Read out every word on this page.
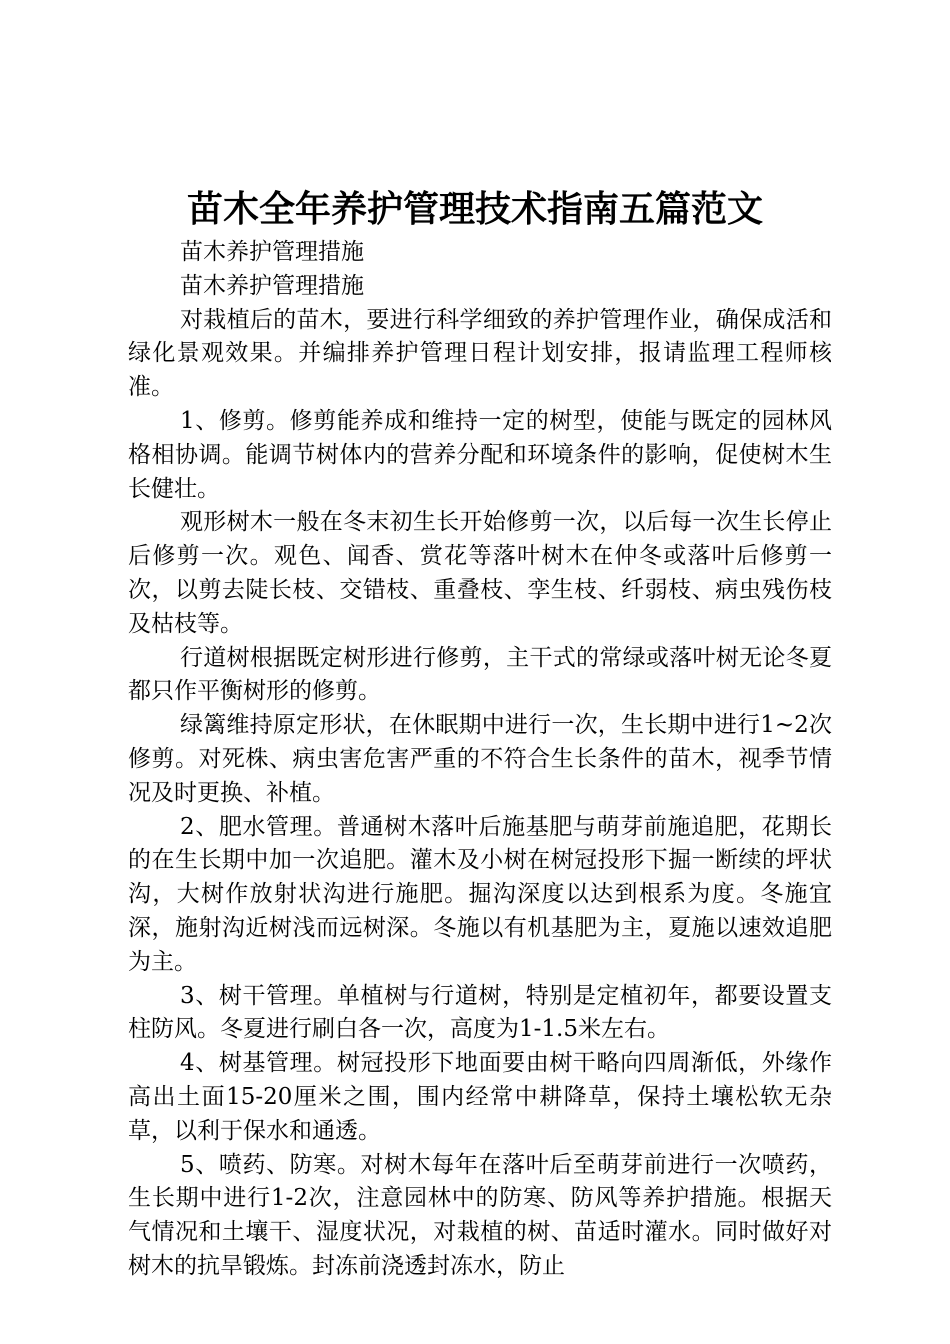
苗木全年养护管理技术指南五篇范文

苗木养护管理措施

苗木养护管理措施

对栽植后的苗木，要进行科学细致的养护管理作业，确保成活和绿化景观效果。并编排养护管理日程计划安排，报请监理工程师核准。

1、修剪。修剪能养成和维持一定的树型，使能与既定的园林风格相协调。能调节树体内的营养分配和环境条件的影响，促使树木生长健壮。

观形树木一般在冬末初生长开始修剪一次，以后每一次生长停止后修剪一次。观色、闻香、赏花等落叶树木在仲冬或落叶后修剪一次，以剪去陡长枝、交错枝、重叠枝、孪生枝、纤弱枝、病虫残伤枝及枯枝等。

行道树根据既定树形进行修剪，主干式的常绿或落叶树无论冬夏都只作平衡树形的修剪。

绿篱维持原定形状，在休眠期中进行一次，生长期中进行1~2次修剪。对死株、病虫害危害严重的不符合生长条件的苗木，视季节情况及时更换、补植。

2、肥水管理。普通树木落叶后施基肥与萌芽前施追肥，花期长的在生长期中加一次追肥。灌木及小树在树冠投形下掘一断续的坪状沟，大树作放射状沟进行施肥。掘沟深度以达到根系为度。冬施宜深，施射沟近树浅而远树深。冬施以有机基肥为主，夏施以速效追肥为主。

3、树干管理。单植树与行道树，特别是定植初年，都要设置支柱防风。冬夏进行刷白各一次，高度为1-1.5米左右。

4、树基管理。树冠投形下地面要由树干略向四周渐低，外缘作高出土面15-20厘米之围，围内经常中耕降草，保持土壤松软无杂草，以利于保水和通透。

5、喷药、防寒。对树木每年在落叶后至萌芽前进行一次喷药，生长期中进行1-2次，注意园林中的防寒、防风等养护措施。根据天气情况和土壤干、湿度状况，对栽植的树、苗适时灌水。同时做好对树木的抗旱锻炼。封冻前浇透封冻水，防止
